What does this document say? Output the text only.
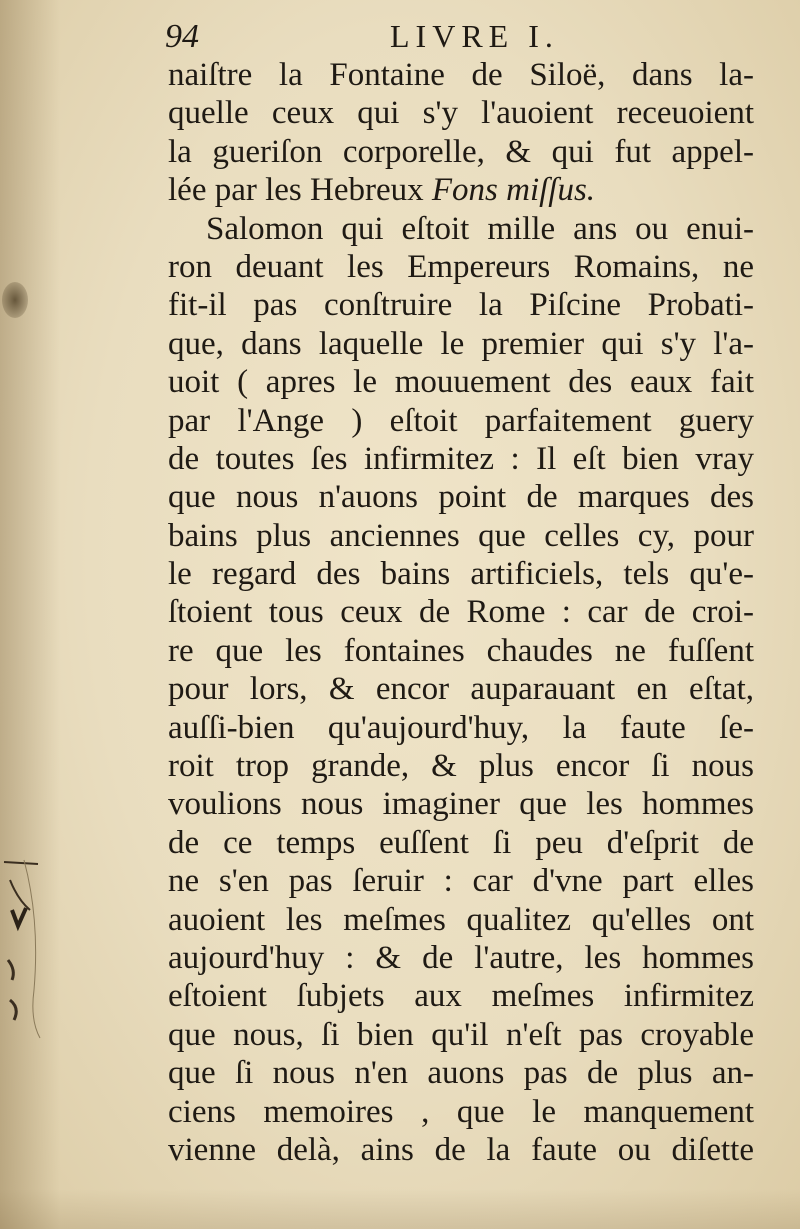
94	LIVRE I.
naiſtre la Fontaine de Siloë, dans la-
quelle ceux qui s'y l'auoient receuoient
la gueriſon corporelle, & qui fut appel-
lée par les Hebreux Fons miſſus.
Salomon qui eſtoit mille ans ou enui-
ron deuant les Empereurs Romains, ne
fit-il pas conſtruire la Piſcine Probati-
que, dans laquelle le premier qui s'y l'a-
uoit ( apres le mouuement des eaux fait
par l'Ange ) eſtoit parfaitement guery
de toutes ſes infirmitez : Il eſt bien vray
que nous n'auons point de marques des
bains plus anciennes que celles cy, pour
le regard des bains artificiels, tels qu'e-
ſtoient tous ceux de Rome : car de croi-
re que les fontaines chaudes ne fuſſent
pour lors, & encor auparauant en eſtat,
auſſi-bien qu'aujourd'huy, la faute ſe-
roit trop grande, & plus encor ſi nous
voulions nous imaginer que les hommes
de ce temps euſſent ſi peu d'eſprit de
ne s'en pas ſeruir : car d'vne part elles
auoient les meſmes qualitez qu'elles ont
aujourd'huy : & de l'autre, les hommes
eſtoient ſubjets aux meſmes infirmitez
que nous, ſi bien qu'il n'eſt pas croyable
que ſi nous n'en auons pas de plus an-
ciens memoires , que le manquement
vienne delà, ains de la faute ou diſette
